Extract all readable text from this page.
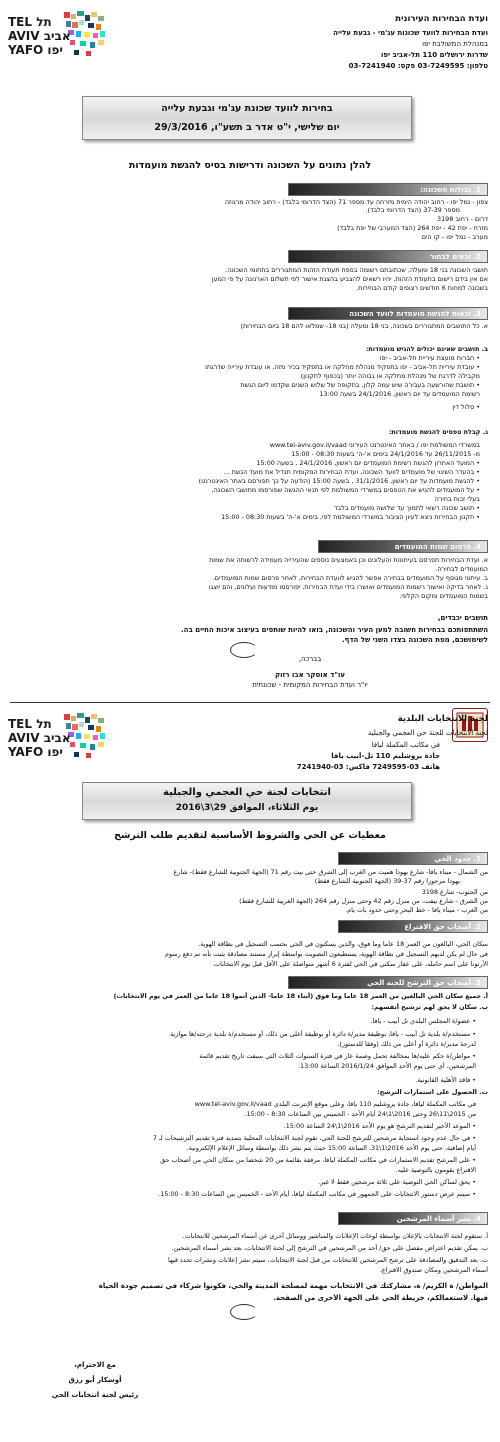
TEL תל
AVIV אביב
YAFO יפו
ועדת הבחירות העירונית
ועדת הבחירות לוועד שכונות עג'מי - גבעת עלייה
במנהלת המשולבת יפו
שדרות ירושלים 110 תל-אביב יפו
טלפון: 03-7249595 פקס: 03-7241940
בחירות לוועד שכונת עג'מי וגבעת עלייה
יום שלישי, י"ט אדר ב תשע"ו, 29/3/2016
להלן נתונים על השכונה ודרישות בסיס להגשת מועמדות
1. גבולות השכונה:
צפון - נמל יפו - רחוב יהודה הימית מזרחה עד מספר 71 (הצד הדרומי בלבד) - רחוב יהודה מרגוזה
מספר 37-39 (הצד הדרומי בלבד).
דרום - רחוב 3198
מזרח - יפת 42 - יפת 264 (הצד המערבי של יפת בלבד)
מערב - נמל יפו - קו הים
2. זכאים לבחור
תושבי השכונה בני 18 ומעלה, שכתובתם רשומה בספח תעודת הזהות המתגוררים בתחומי השכונה.
אם אין בידם רישום בתעודת הזהות, יהיו רשאים להצביע בהצגת אישור לפי תשלום הארנונה על פי המען
בשכונה למחות 6 חודשים רצופים קודם הבחירות.
3. זכאות להגשת מועמדות לוועד השכונה
א. כל התושבים המתגוררים בשכונה, בני 18 ומעלה (בני 18- שמלאו להם 18 ביום הבחירות)
ב. תושבים שאינם יכולים להגיש מועמדות:
• חברות מועצת עיריית תל-אביב - יפו
• עובדת עיריית תל-אביב - יפו בתפקיד מנהלת מחלקה או בתפקיד בכיר מזה, או עובדת עירייה שדרגתו
מקבילה לדרגת של מנהלת מחלקה או גבוהה יותר (בכפוף לתקנון)
• תושבת שהורשעה בעבירה שיש עמה קלון, בתקופה של שלוש השנים שקדמו ליום הגשת
רשימת המועמדים עד יום ראשון, 24/1/2016 בשעה 13:00
• סלול דין
ג. קבלת טפסים להגשת מועמדות:
במשרדי המשולמת יפו / באתר האינטרנט העירוני www.tel-aviv.gov.il/vaad
מ- 26/11/2015 עד 24/1/2016 בימים א'-ה' בשעות 08:30 - 15:00
• המועד האחרון להגשת רשימת המועמדים יום ראשון, 24/1/2016 , בשעה 15:00
• בהעדר השיגוי של מועמדים לוועד השכונה, ועדת הבחירות המקומית תגדיל את מועד הגשת ...
• להגשת מועמדות עד יום ראשון, 31/1/2016 , בשעה 15:00 (הודעה על כך תפורסם באתר האינטרנט)
• על המועמדים להגיש את הטפסים במשרדי המשולמת לפי תנאי ההגשה שפורסמו מתושבי השכונה,
בעלי זכות בחירה
• תושב שכונה רשאי לתמוך עד שלושה מועמדים בלבד
• תקנון הבחירות ניצא לעיון הציבור במשרדי המשולמת לפי, בימים א'-ה' בשעות 08:30 - 15:00
4. פרסום שמות המועמדים
א. ועדת הבחירות תפרסם בעיתונות והעלונים וכן באמצעים נוספים שהעירייה מעמידה לרשותה את שמות
המועמדים לבחירה.
ב. עיתוני מגוסף על המועמדים בבחירה אפשר להגיש לוועדת הבחירות, לאחר פרסום שמות המועמדים.
ג. לאחר בדיקה ואישור רשמות המועמדים ואושרו בידי ועדת הבחירות, יפורסמו מודעות ועלונים, והם יוצגו
בשמות המועמדים ומקום הקלפי.
תושבים יכבדים,
השתתפותכם בבחירות חשובה למען העיר והשכונה, בואו להיות שותפים בעיצוב איכות החיים בה.
לשימושכם, מפת השכונה בצדו השני של הדף.
בברכה,
עו"ד אוסקר אבו רזוק
יו"ר ועדת הבחירות המקומית - שכונתית
TEL תל
AVIV אביב
YAFO יפו
لجنة الانتخابات البلدية
لجنة الانتخابات للجنة حي العجمي والجبلية
في مكاتب المكملة ليافا
جادة يروشليم 110 تل-أبيب يافا
هاتف 03-7249595 فاكس: 03-7241940
انتخابات لجنة حي العجمي والجبلية
يوم الثلاثاء، الموافق 29\3\2016
معطيات عن الحي والشروط الأساسية لتقديم طلب الترشح
1. حدود الحي
من الشمال - ميناء يافا- شارع يهودا هميت من الغرب إلى الشرق حتى بيت رقم 71 (الجهة الجنوبية للشارع فقط)- شارع
يهودا مرجوزا رقم 37-39 (الجهة الجنوبية للشارع فقط)
من الجنوب- شارع 3198
من الشرق - شارع بيفت، من منزل رقم 42 وحتى منزل رقم 264 (الجهة الغربية للشارع فقط)
من الغرب - ميناء يافا - خط البحر وحتى حدود بات يام.
2. أصحاب حق الاقتراع
سكان الحي، البالغون من العمر 18 عاما وما فوق، والذين يسكنون في الحي بحسب التسجيل في بطاقة الهوية.
في حال لم يكن لديهم التسجيل في بطاقة الهوية، يستطيعون التصويت بواسطة إبراز مستند مصادقة يثبت بأنه تم دفع رسوم
الأرنونا على اسم حامله، على عقار سكني في الحي لفترة 6 أشهر متواصلة على الأقل قبل يوم الانتخابات.
3. أصحاب حق الترشح للجنة الحي
أ. جميع سكان الحي البالغين من العمر 18 عاما وما فوق (أبناء 18 عاما- الذين أتموا 18 عاما من العمر في يوم الانتخابات)
ب. سكان لا يحق لهم ترشيح أنفسهم:
• عضو/ة المجلس البلدي تل أبيب - يافا.
• مستخدم/ة بلدية تل أبيب - يافا، بوظيفة مدير/ة دائرة أو بوظيفة أعلى من ذلك، أو مستخدم/ة بلدية درجته/ها موازية
لدرجة مدير/ة دائرة أو أعلى من ذلك (وفقا للدستور).
• مواطن/ة حكم عليه/ها بمخالفة تحمل وصمة عار في فترة السنوات الثلاث التي سبقت تاريخ تقديم قائمة
المرشحين، أي حتى يوم الأحد الموافق 2016/1/24 الساعة 13:00.
• فاقد الأهلية القانونية.
ت. الحصول على استمارات الترشح:
في مكاتب المكملة ليافا، جادة يروشليم 110 يافا، وعلى موقع الإنترنت البلدي www.tel-aviv.gov.il/vaad
من 2015\11\26 وحتى 2016\1\24 أيام الأحد - الخميس بين الساعات 8:30 - 15:00.
• الموعد الأخير لتقديم الترشح هو يوم الأحد 2016\1\24 الساعة 15:00.
• في حال عدم وجود استجابة مرشحين للترشح للجنة الحي، تقوم لجنة الانتخابات المحلية بتمديد فترة تقديم الترشيحات لـ 7
أيام إضافية، حتى يوم الأحد 2016\1\31، الساعة 15:00 حيث يتم نشر ذلك بواسطة وسائل الإعلام الإلكترونية.
• على المرشح تقديم الاستمارات في مكاتب المكملة ليافا، مرفقة بقائمة من 20 شخصا من سكان الحي من أصحاب حق
الاقتراع يقومون بالتوصية عليه.
• يحق لساكن الحي التوصية على ثلاثة مرشحين فقط لا غير.
• سيتم عرض دستور الانتخابات على الجمهور في مكاتب المكملة ليافا، أيام الأحد - الخميس بين الساعات 8:30 - 15:00.
4. نشر أسماء المرشحين
أ. ستقوم لجنة الانتخابات بالإعلان بواسطة لوحات الإعلانات والمناشير ووسائل أخرى عن أسماء المرشحين للانتخابات.
ب. يمكن تقديم اعتراض مفصل على حق/ أحد من المرشحين في الترشح إلى لجنة الانتخابات، بعد نشر أسماء المرشحين.
ت. بعد التدقيق والمصادقة على ترشح المرشحين للانتخابات من قبل لجنة الانتخابات، سيتم نشر إعلانات ونشرات تحدد فيها
أسماء المرشحين ومكان صندوق الاقتراع.
المواطن/ ة الكريم/ ة، مشاركتك في الانتخابات مهمة لمصلحة المدينة والحي، فكونوا شركاء في تصميم جودة الحياة
فيها. لاستعمالكم، خريطة الحي على الجهة الأخرى من الصفحة.
مع الاحترام،
أوسكار أبو رزق
رئيس لجنة انتخابات الحي
